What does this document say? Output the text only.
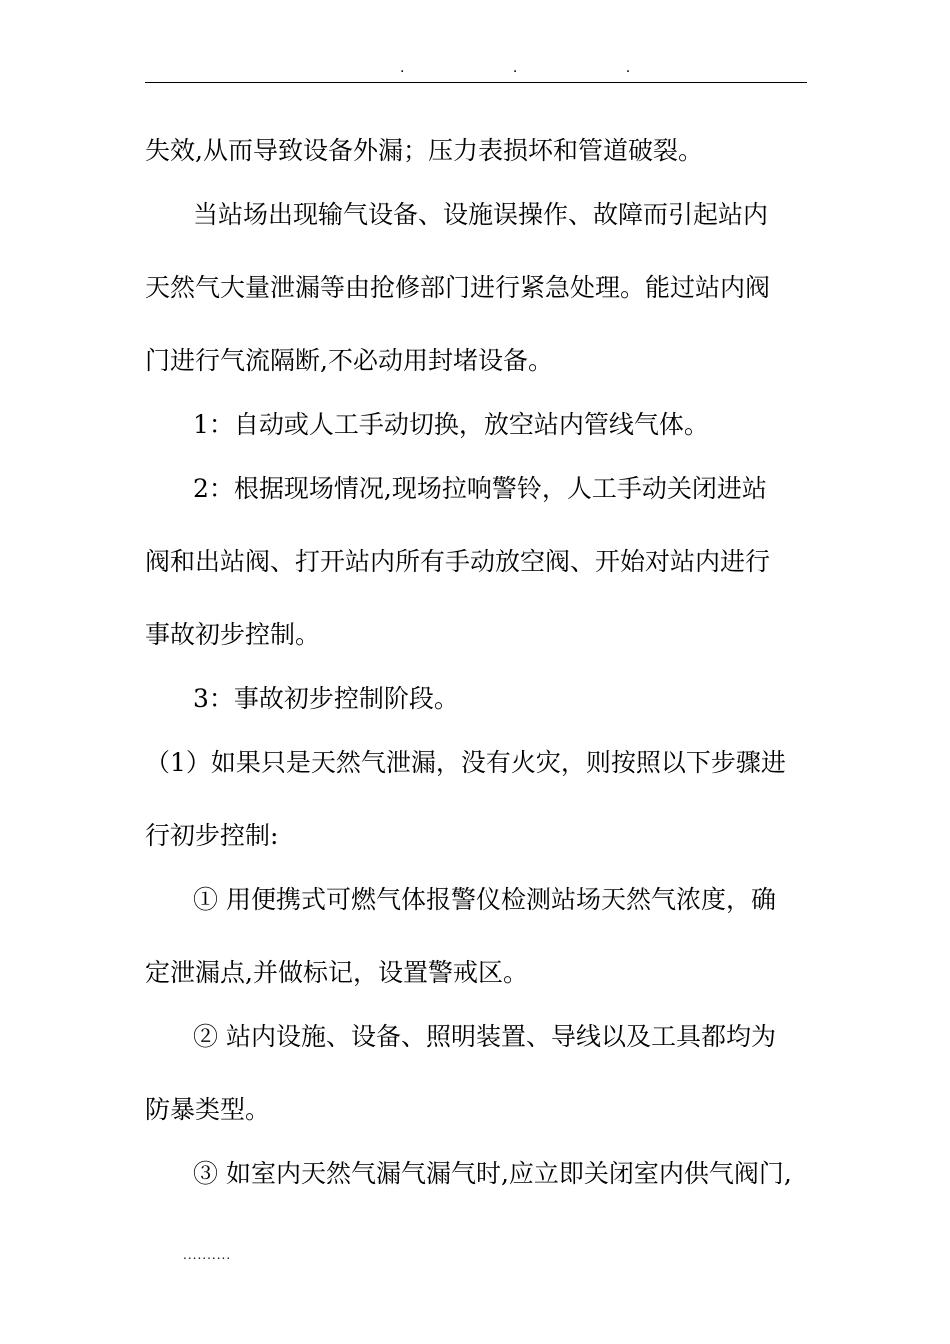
. . .
失效,从而导致设备外漏；压力表损坏和管道破裂。
当站场出现输气设备、设施误操作、故障而引起站内
天然气大量泄漏等由抢修部门进行紧急处理。能过站内阀
门进行气流隔断,不必动用封堵设备。
1：自动或人工手动切换，放空站内管线气体。
2：根据现场情况,现场拉响警铃，人工手动关闭进站
阀和出站阀、打开站内所有手动放空阀、开始对站内进行
事故初步控制。
3：事故初步控制阶段。
（1）如果只是天然气泄漏，没有火灾，则按照以下步骤进
行初步控制:
① 用便携式可燃气体报警仪检测站场天然气浓度，确
定泄漏点,并做标记，设置警戒区。
② 站内设施、设备、照明装置、导线以及工具都均为
防暴类型。
③ 如室内天然气漏气漏气时,应立即关闭室内供气阀门,
..........
